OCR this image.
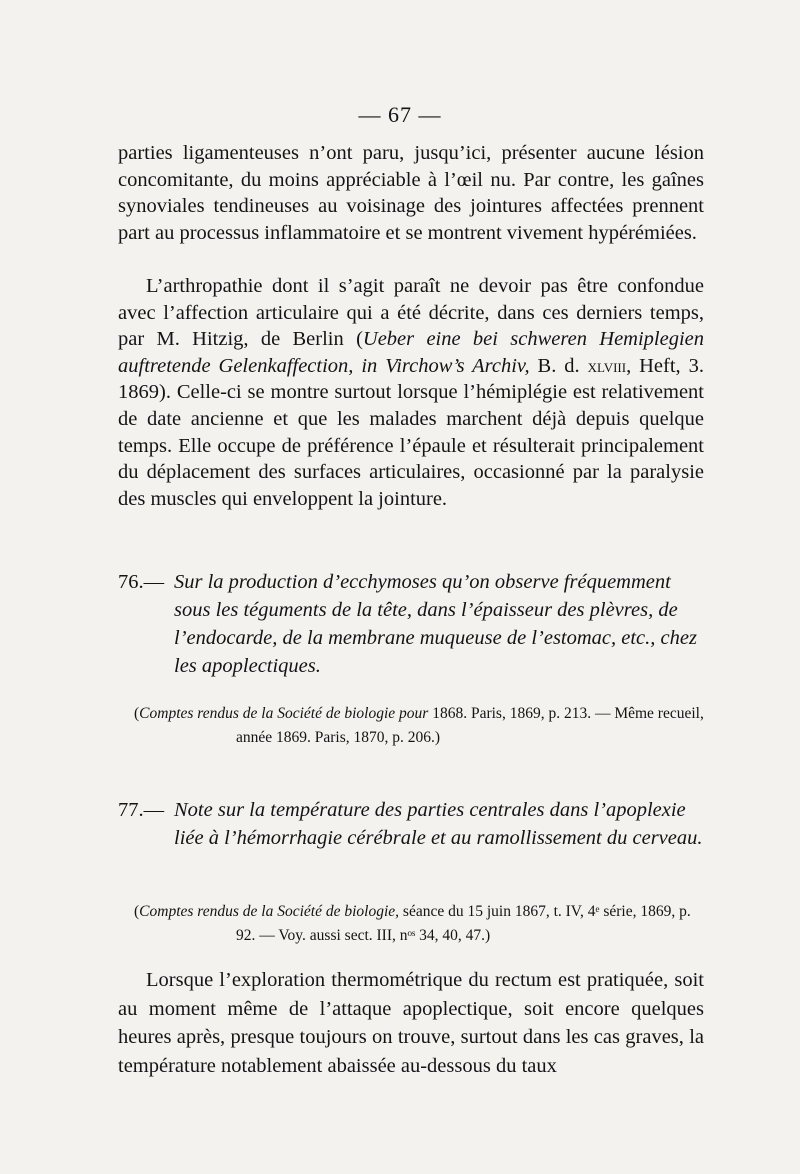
— 67 —

parties ligamenteuses n’ont paru, jusqu’ici, présenter aucune lésion concomitante, du moins appréciable à l’œil nu. Par contre, les gaînes synoviales tendineuses au voisinage des jointures affectées prennent part au processus inflammatoire et se montrent vivement hypérémiées.

L’arthropathie dont il s’agit paraît ne devoir pas être confondue avec l’affection articulaire qui a été décrite, dans ces derniers temps, par M. Hitzig, de Berlin (Ueber eine bei schweren Hemiplegien auftretende Gelenkaffection, in Virchow’s Archiv, B. d. xlviii, Heft, 3. 1869). Celle-ci se montre surtout lorsque l’hémiplégie est relativement de date ancienne et que les malades marchent déjà depuis quelque temps. Elle occupe de préférence l’épaule et résulterait principalement du déplacement des surfaces articulaires, occasionné par la paralysie des muscles qui enveloppent la jointure.

76.— Sur la production d’ecchymoses qu’on observe fréquemment sous les téguments de la tête, dans l’épaisseur des plèvres, de l’endocarde, de la membrane muqueuse de l’estomac, etc., chez les apoplectiques.

(Comptes rendus de la Société de biologie pour 1868. Paris, 1869, p. 213. — Même recueil, année 1869. Paris, 1870, p. 206.)

77.— Note sur la température des parties centrales dans l’apoplexie liée à l’hémorrhagie cérébrale et au ramollissement du cerveau.

(Comptes rendus de la Société de biologie, séance du 15 juin 1867, t. IV, 4ᵉ série, 1869, p. 92. — Voy. aussi sect. III, nᵒˢ 34, 40, 47.)

Lorsque l’exploration thermométrique du rectum est pratiquée, soit au moment même de l’attaque apoplectique, soit encore quelques heures après, presque toujours on trouve, surtout dans les cas graves, la température notablement abaissée au-dessous du taux
